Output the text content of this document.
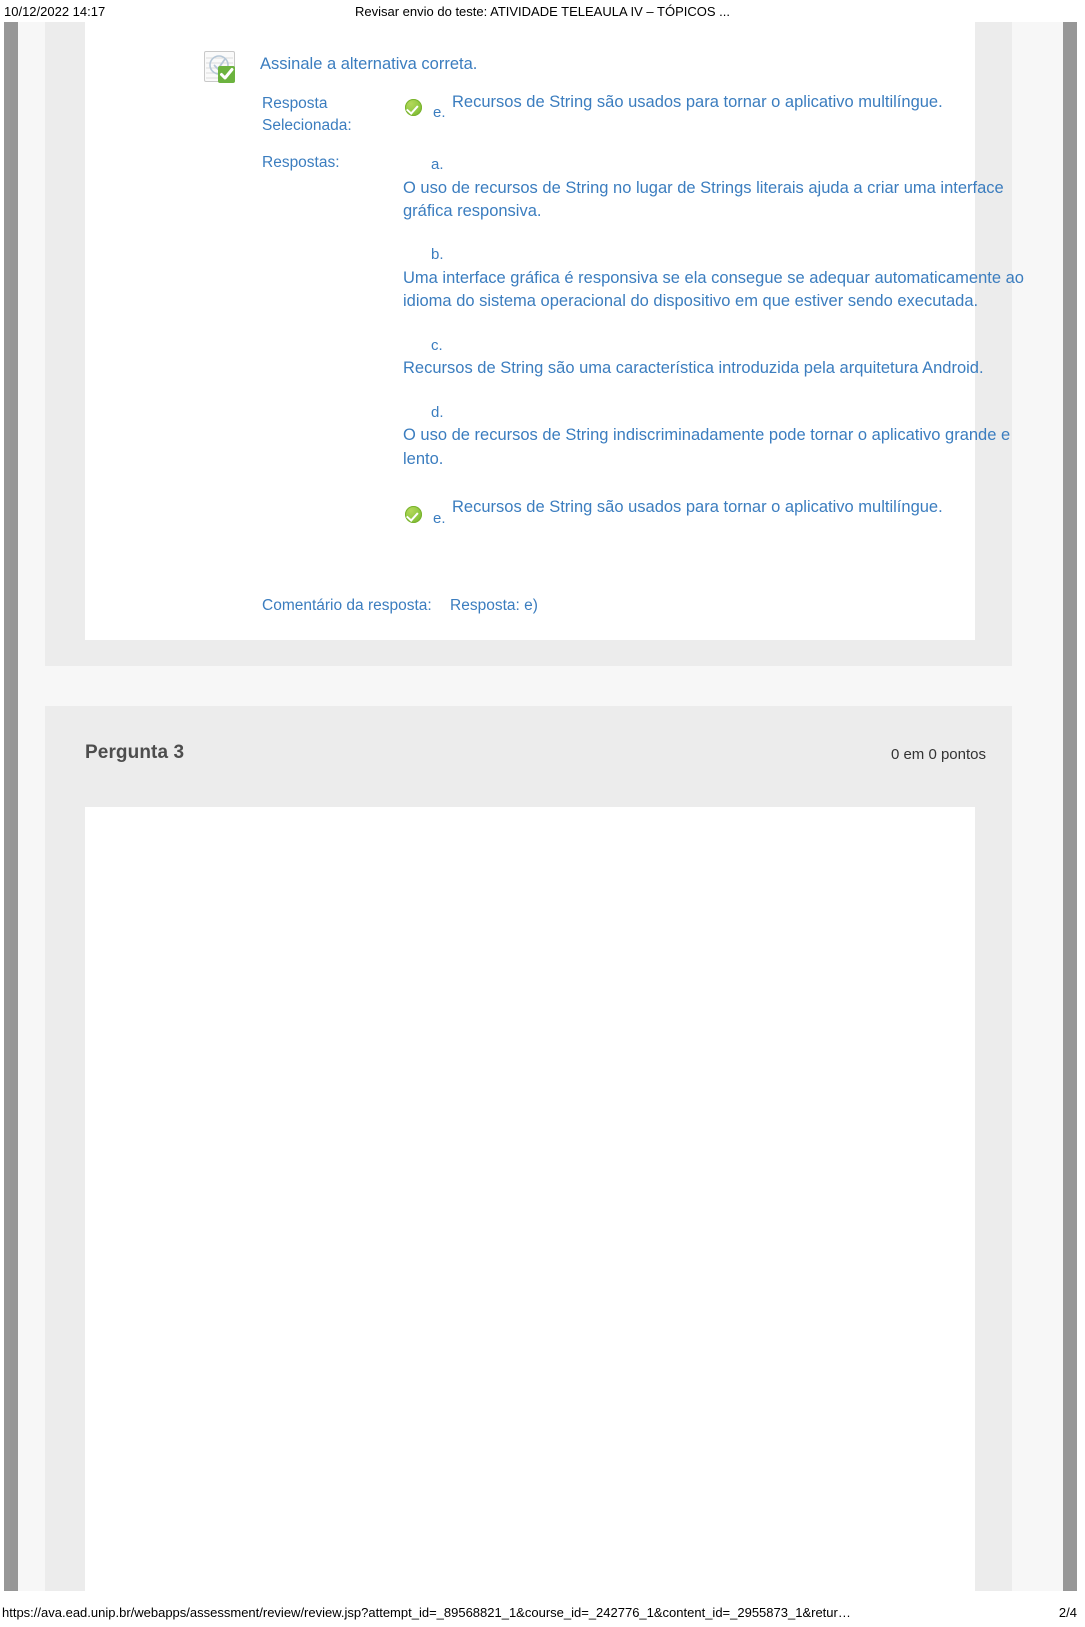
10/12/2022 14:17	Revisar envio do teste: ATIVIDADE TELEAULA IV – TÓPICOS ...
Assinale a alternativa correta.
Resposta Selecionada:
e.
Recursos de String são usados para tornar o aplicativo multilíngue.
Respostas:	a.
O uso de recursos de String no lugar de Strings literais ajuda a criar uma interface gráfica responsiva.
b.
Uma interface gráfica é responsiva se ela consegue se adequar automaticamente ao idioma do sistema operacional do dispositivo em que estiver sendo executada.
c.
Recursos de String são uma característica introduzida pela arquitetura Android.
d.
O uso de recursos de String indiscriminadamente pode tornar o aplicativo grande e lento.
e.
Recursos de String são usados para tornar o aplicativo multilíngue.
Comentário da resposta: Resposta: e)
Pergunta 3	0 em 0 pontos
https://ava.ead.unip.br/webapps/assessment/review/review.jsp?attempt_id=_89568821_1&course_id=_242776_1&content_id=_2955873_1&retur…	2/4
